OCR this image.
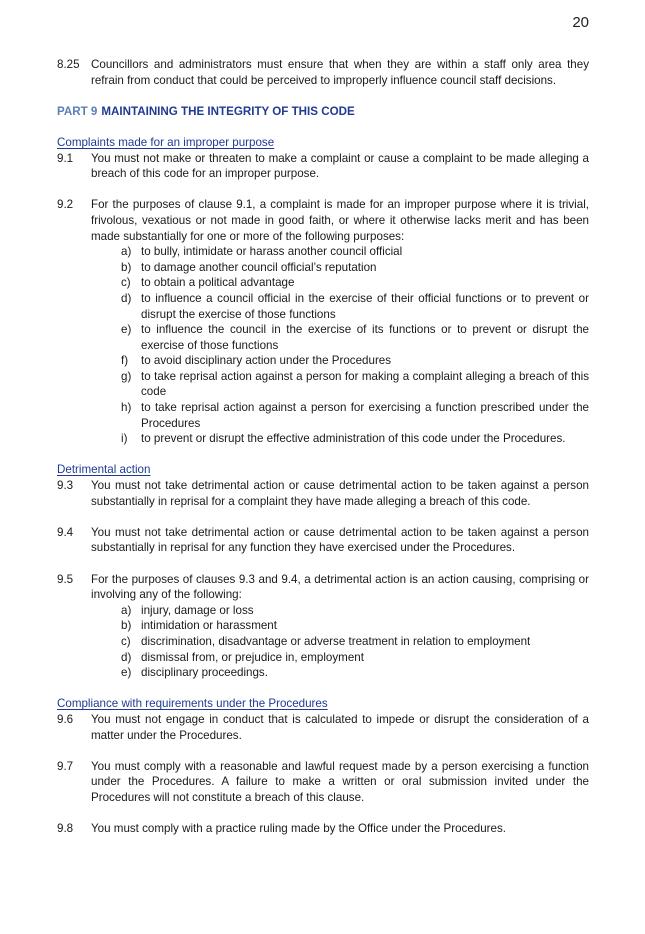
20
8.25 Councillors and administrators must ensure that when they are within a staff only area they refrain from conduct that could be perceived to improperly influence council staff decisions.
PART 9 MAINTAINING THE INTEGRITY OF THIS CODE
Complaints made for an improper purpose
9.1	You must not make or threaten to make a complaint or cause a complaint to be made alleging a breach of this code for an improper purpose.
9.2	For the purposes of clause 9.1, a complaint is made for an improper purpose where it is trivial, frivolous, vexatious or not made in good faith, or where it otherwise lacks merit and has been made substantially for one or more of the following purposes:
a) to bully, intimidate or harass another council official
b) to damage another council official’s reputation
c) to obtain a political advantage
d) to influence a council official in the exercise of their official functions or to prevent or disrupt the exercise of those functions
e) to influence the council in the exercise of its functions or to prevent or disrupt the exercise of those functions
f)	to avoid disciplinary action under the Procedures
g) to take reprisal action against a person for making a complaint alleging a breach of this code
h) to take reprisal action against a person for exercising a function prescribed under the Procedures
i)	to prevent or disrupt the effective administration of this code under the Procedures.
Detrimental action
9.3	You must not take detrimental action or cause detrimental action to be taken against a person substantially in reprisal for a complaint they have made alleging a breach of this code.
9.4	You must not take detrimental action or cause detrimental action to be taken against a person substantially in reprisal for any function they have exercised under the Procedures.
9.5	For the purposes of clauses 9.3 and 9.4, a detrimental action is an action causing, comprising or involving any of the following:
a) injury, damage or loss
b) intimidation or harassment
c) discrimination, disadvantage or adverse treatment in relation to employment
d) dismissal from, or prejudice in, employment
e) disciplinary proceedings.
Compliance with requirements under the Procedures
9.6	You must not engage in conduct that is calculated to impede or disrupt the consideration of a matter under the Procedures.
9.7	You must comply with a reasonable and lawful request made by a person exercising a function under the Procedures. A failure to make a written or oral submission invited under the Procedures will not constitute a breach of this clause.
9.8	You must comply with a practice ruling made by the Office under the Procedures.
